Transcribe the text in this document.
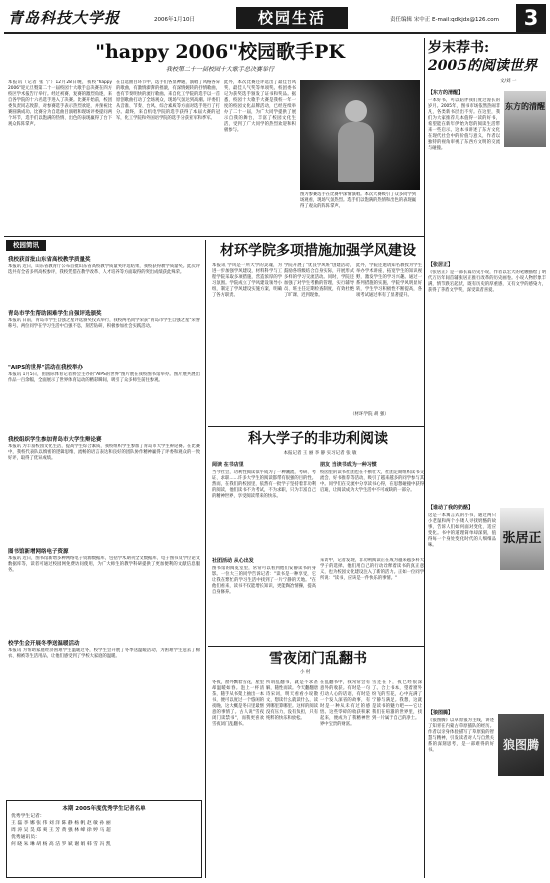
青岛科技大学报	2006年1月10日	校园生活	责任编辑 宋中正 E-mail:qdkjdx@126.com	3
"happy 2006"校园歌手PK
我校第二十一届校园十大歌手总决赛举行
本报讯（记者 张 宁）12月28日晚，我校"happy 2006"迎元旦暨第二十一届校园十大歌手总决赛在四方校区学术报告厅举行。经过初赛、复赛的激烈角逐，来自各学院的十六名选手进入了决赛。比赛开始前，校团委负责同志致辞，对参赛选手表示热烈欢迎，并预祝比赛圆满成功。比赛分为自选曲目演唱和现场评委提问两个环节，选手们以饱满的热情、出色的表现赢得了台下观众阵阵掌声。
在自选曲目环节中，选手们各显神通，演唱了风格各异的歌曲，有激情澎湃的摇滚，有深情婉转的抒情歌曲，也有节奏明快的流行歌曲。来自化工学院的选手以一首原创歌曲打动了全场观众，现场气氛达到高潮。评委们从音准、节奏、台风、综合素质等方面对选手进行了打分。最终，来自机电学院的选手获得了本届大赛的冠军，化工学院和外国语学院的选手分获亚军和季军。
此外，本次比赛还评选出了最佳台风奖、最佳人气奖等单项奖。校团委书记为获奖选手颁发了证书和奖品。据悉，校园十大歌手大赛是我校一年一度的校园文化品牌活动，已经连续举办了二十一届，为广大同学提供了展示自我的舞台，丰富了校园文化生活，受到了广大同学的热烈欢迎和积极参与。
图为参赛选手在比赛中深情演唱。本次大赛吸引了众多同学到场观看，现场气氛热烈。选手们以饱满的热情和出色的表现赢得了观众的阵阵掌声。
岁末荐书:
2005的阅读世界
文/刘 一
【东方的清醒】
一本好书，可以陪伴我们度过漫长的岁月。2005年，图书市场依然热闹非凡，各类新书层出不穷。在这里，我们为大家推荐几本值得一读的好书，希望能在新年伊始为您的阅读生活带来一些启示。这本书讲述了东方文化在现代社会中的价值与意义，作者以独特的视角审视了东西方文明的交流与碰撞。
东方的清醒
【张居正】
《张居正》是一部长篇历史小说，作者以宏大的笔触描绘了明代万历年间首辅张居正推行改革的历史画卷。小说人物形象丰满，情节跌宕起伏，既有历史的厚重感，又有文学的感染力，获得了茅盾文学奖，深受读者喜爱。
【谁动了我的奶酪】
这是一本寓言式的小书，通过两只小老鼠和两个小矮人寻找奶酪的故事，告诉人们如何面对变化、适应变化。书中的道理简单却深刻，值得每一个身处变化时代的人细细品味。	张居正
【狼图腾】
《狼图腾》以草原狼为主线，讲述了知青在内蒙古草原插队的经历。作者以亲身体验描写了草原狼的智慧与精神，引发读者对人与自然关系的深刻思考，是一部难得的好书。	狼图腾
校园简讯
我校获首批山东省高校教学质量奖
本报讯 近日，山东省教育厅公布首批山东省高校教学质量奖评选结果，我校获得教学质量奖。此次评选共有全省多所高校参评，我校凭借在教学改革、人才培养等方面取得的突出成绩获此殊荣。
青岛市学生帮助困难学生自强评选颁奖
本报讯 日前，青岛市学生自强之星评选颁奖仪式举行，我校两名同学荣获"青岛市学生自强之星"荣誉称号。两位同学在学习生活中自强不息，刻苦钻研，积极参加社会实践活动。
"AIPS的世界"活动在我校举办
本报讯 1月5日，由国际体育记者协会主办的"AIPS的世界"图片展在我校图书馆举办。图片展共展出作品一百余幅，全面展示了世界体育运动的精彩瞬间，吸引了众多师生前往参观。
我校组织学生参加青岛市大学生辩论赛
本报讯 为丰富校园文化生活，提高学生综合素质，我校组织学生参加了青岛市大学生辩论赛。在比赛中，我校代表队以缜密的逻辑思维、流畅的语言表达和良好的团队协作精神赢得了评委和观众的一致好评，取得了优异成绩。
图书馆新增网络电子资源
本报讯 近日，图书馆新增多种网络电子资源数据库，包括学术期刊全文数据库、电子图书及学位论文数据库等，读者可通过校园网免费访问使用，为广大师生的教学科研提供了更加便利的文献信息服务。
校学生会开展冬季送温暖活动
本报讯 为帮助家庭经济困难学生温暖过冬，校学生会开展了冬季送温暖活动，为困难学生送去了棉衣、棉被等生活用品，让他们感受到了学校大家庭的温暖。
本期 2005年度优秀学生记者名单
优秀学生记者：
王 磊 李 娜 张 伟 刘 洋 陈 静 杨 帆 赵 敏 孙 丽
周 涛 吴 昊 郑 爽 王 芳 黄 强 林 峰 徐 婷 马 超
优秀通讯员：
何 晓 朱 琳 胡 杨 高 洁 罗 斌 谢 娟 韩 雪 冯 凯
材环学院多项措施加强学风建设
本报讯 学风是一所大学的灵魂，为进一步加强学风建设，材料科学与工程学院采取多项措施，营造浓厚的学习氛围。学院成立了学风建设领导小组，制定了学风建设实施方案，明确了各方职责。
学院开展了"优良学风班"创建活动，鼓励各班级结合自身实际，开展形式多样的学习交流活动。同时，学院还加强了对学生考勤的管理，实行辅导员、班主任定期检查制度，有效杜绝了旷课、迟到现象。
此外，学院还邀请知名教授为学生举办学术讲座，拓宽学生的知识视野，激发学生的学习兴趣。通过一系列措施的实施，学院学风明显好转，学生学习积极性不断提高，各项考试通过率有了显著提升。
（材环学院 胡 强）
科大学子的非功利阅读
本报记者 王 丽 李 静 实习记者 张 敏
阅读 在书店里
当今社会，功利性阅读似乎成为了一种潮流，考研、考证、求职……许多大学生的阅读都带有很强的目的性。然而，在我们的校园里，依然有一批学子坚持着非功利的阅读，他们读书不为考试，不为求职，只为丰富自己的精神世界，享受阅读带来的快乐。
社团活动 从心出发
图书馆的阅览室里，常常可以看到他们安静读书的身影。一位大三的同学告诉记者："读书是一种享受，它让我在繁忙的学习生活中找到了一片宁静的天地。"在他们看来，读书不仅能增长知识，更能陶冶情操，提高自身修养。
朋友 当读书成为一种习惯
校园里的读书社团也在不断壮大，社团定期组织读书交流会、好书推荐等活动，吸引了越来越多的同学参与其中。同学们在交流中分享读书心得，在思想碰撞中获得启迪，让阅读成为大学生活中不可或缺的一部分。
采访中，记者发现，非功利阅读正在成为越来越多科大学子的选择。他们用自己的行动诠释着读书的真正意义，也为校园文化建设注入了新的活力。正如一位同学所说："读书，应该是一件快乐的事情。"
雪夜闭门乱翻书
小 村
冬夜，窗外飘着雪花，屋里却温暖如春。泡上一杯清茶，随手从书架上抽出一本书，便可以度过一个悠闲的夜晚。这大概是冬日里最惬意的事情了。古人说"雪夜闭门读禁书"，而我更喜欢雪夜闭门乱翻书。
所谓乱翻书，就是不求甚解，随性而读。今天翻翻唐诗宋词，明天看看小说散文，想读什么就读什么，读到哪里算哪里。这样的阅读没有压力，没有负担，只有纯粹的快乐和放松。
在乱翻书中，我常常会有意外的收获。有时是一句打动人心的话语，有时是一个发人深省的故事，有时是一种从未有过的感悟。这些零碎的收获积累起来，便成为了我精神世界中宝贵的财富。
雪还在下，夜已经很深了。合上书本，望着窗外纷飞的雪花，心中充满了宁静与满足。我想，这就是读书的魅力吧——它让我们在喧嚣的世界里，找到一片属于自己的净土。
